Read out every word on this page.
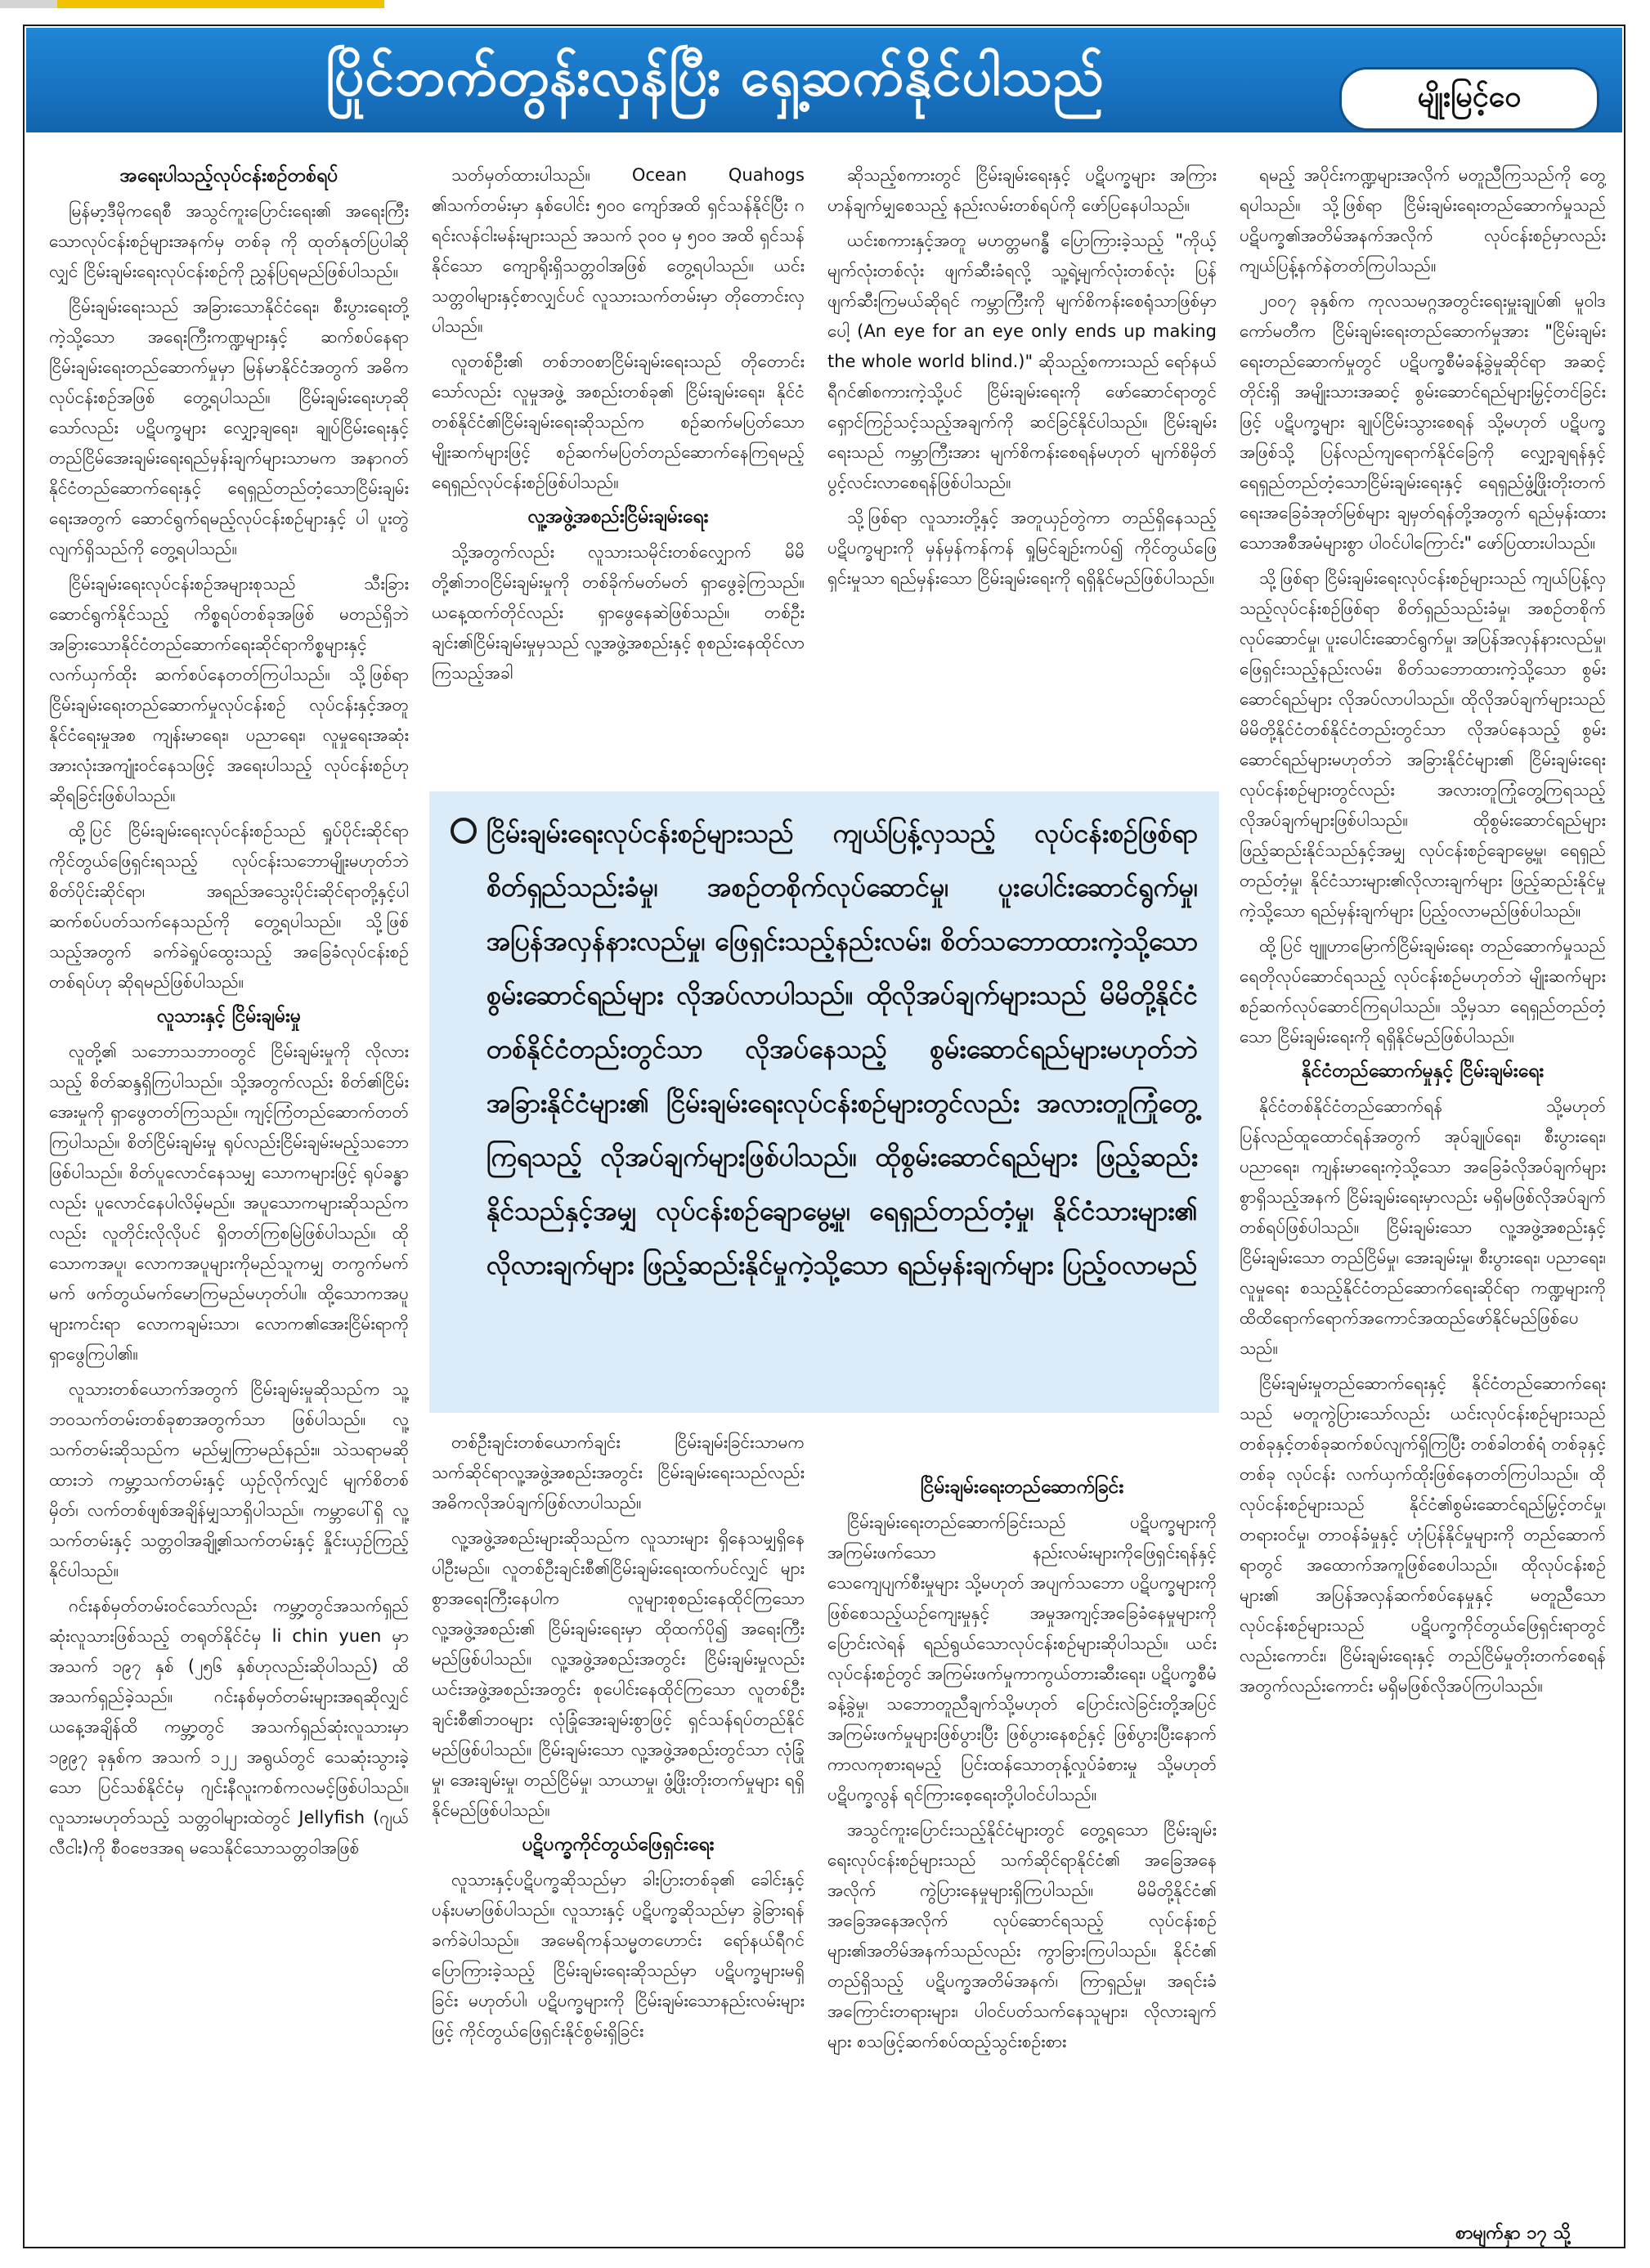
ပြိုင်ဘက်တွန်းလှန်ပြီး ရှေ့ဆက်နိုင်ပါသည်	မျိုးမြင့်ဝေ
အရေးပါသည့်လုပ်ငန်းစဉ်တစ်ရပ်

မြန်မာ့ဒီမိုကရေစီ အသွင်ကူးပြောင်းရေး၏ အရေးကြီးသောလုပ်ငန်းစဉ်များအနက်မှ တစ်ခု ကို ထုတ်နုတ်ပြပါဆိုလျှင် ငြိမ်းချမ်းရေးလုပ်ငန်းစဉ်ကို ညွှန်ပြရမည်ဖြစ်ပါသည်။

ငြိမ်းချမ်းရေးသည် အခြားသောနိုင်ငံရေး၊ စီးပွားရေးတို့ကဲ့သို့သော အရေးကြီးကဏ္ဍများနှင့် ဆက်စပ်နေရာ ငြိမ်းချမ်းရေးတည်ဆောက်မှုမှာ မြန်မာနိုင်ငံအတွက် အဓိကလုပ်ငန်းစဉ်အဖြစ် တွေ့ရပါသည်။ ငြိမ်းချမ်းရေးဟုဆိုသော်လည်း ပဋိပက္ခများ လျှော့ချရေး၊ ချုပ်ငြိမ်းရေးနှင့် တည်ငြိမ်အေးချမ်းရေးရည်မှန်းချက်များသာမက အနာဂတ်နိုင်ငံတည်ဆောက်ရေးနှင့် ရေရှည်တည်တံ့သောငြိမ်းချမ်းရေးအတွက် ဆောင်ရွက်ရမည့်လုပ်ငန်းစဉ်များနှင့် ပါ ပူးတွဲလျက်ရှိသည်ကို တွေ့ရပါသည်။

ငြိမ်းချမ်းရေးလုပ်ငန်းစဉ်အများစုသည် သီးခြားဆောင်ရွက်နိုင်သည့် ကိစ္စရပ်တစ်ခုအဖြစ် မတည်ရှိဘဲ အခြားသောနိုင်ငံတည်ဆောက်ရေးဆိုင်ရာကိစ္စများနှင့် လက်ယှက်ထိုး ဆက်စပ်နေတတ်ကြပါသည်။ သို့ဖြစ်ရာ ငြိမ်းချမ်းရေးတည်ဆောက်မှုလုပ်ငန်းစဉ် လုပ်ငန်းနှင့်အတူ နိုင်ငံရေးမှုအစ ကျန်းမာရေး၊ ပညာရေး၊ လူမှုရေးအဆုံး အားလုံးအကျုံးဝင်နေသဖြင့် အရေးပါသည့် လုပ်ငန်းစဉ်ဟု ဆိုရခြင်းဖြစ်ပါသည်။

ထို့ပြင် ငြိမ်းချမ်းရေးလုပ်ငန်းစဉ်သည် ရှုပ်ပိုင်းဆိုင်ရာကိုင်တွယ်ဖြေရှင်းရသည့် လုပ်ငန်းသဘောမျိုးမဟုတ်ဘဲ စိတ်ပိုင်းဆိုင်ရာ၊ အရည်အသွေးပိုင်းဆိုင်ရာတို့နှင့်ပါ ဆက်စပ်ပတ်သက်နေသည်ကို တွေ့ရပါသည်။ သို့ဖြစ်သည့်အတွက် ခက်ခဲရှုပ်ထွေးသည့် အခြေခံလုပ်ငန်းစဉ်တစ်ရပ်ဟု ဆိုရမည်ဖြစ်ပါသည်။

လူသားနှင့် ငြိမ်းချမ်းမှု

လူတို့၏ သဘောသဘာဝတွင် ငြိမ်းချမ်းမှုကို လိုလားသည့် စိတ်ဆန္ဒရှိကြပါသည်။ သို့အတွက်လည်း စိတ်၏ငြိမ်းအေးမှုကို ရှာဖွေတတ်ကြသည်။ ကျင့်ကြံတည်ဆောက်တတ်ကြပါသည်။ စိတ်ငြိမ်းချမ်းမှု ရုပ်လည်းငြိမ်းချမ်းမည့်သဘော ဖြစ်ပါသည်။ စိတ်ပူလောင်နေသမျှ သောကများဖြင့် ရုပ်ခန္ဓာလည်း ပူလောင်နေပါလိမ့်မည်။ အပူသောကများဆိုသည်ကလည်း လူတိုင်းလိုလိုပင် ရှိတတ်ကြစမြဲဖြစ်ပါသည်။ ထိုသောကအပူ၊ လောကအပူများကိုမည်သူကမျှ တကွက်မက်မက် ဖက်တွယ်မက်မောကြမည်မဟုတ်ပါ။ ထို့သောကအပူများကင်းရာ လောကချမ်းသာ၊ လောက၏အေးငြိမ်းရာကို ရှာဖွေကြပါ၏။

လူသားတစ်ယောက်အတွက် ငြိမ်းချမ်းမှုဆိုသည်က သူ့ဘဝသက်တမ်းတစ်ခုစာအတွက်သာ ဖြစ်ပါသည်။ လူ့သက်တမ်းဆိုသည်က မည်မျှကြာမည်နည်း။ သဲသရာမဆိုထားဘဲ ကမ္ဘာ့သက်တမ်းနှင့် ယှဉ်လိုက်လျှင် မျက်စိတစ်မှိတ်၊ လက်တစ်ဖျစ်အချိန်မျှသာရှိပါသည်။ ကမ္ဘာပေါ်ရှိ လူ့သက်တမ်းနှင့် သတ္တဝါအချို့၏သက်တမ်းနှင့် နှိုင်းယှဉ်ကြည့်နိုင်ပါသည်။

ဂင်းနစ်မှတ်တမ်းဝင်သော်လည်း ကမ္ဘာ့တွင်အသက်ရှည်ဆုံးလူသားဖြစ်သည့် တရုတ်နိုင်ငံမှ li chin yuen မှာ အသက် ၁၉၇ နှစ် (၂၅၆ နှစ်ဟုလည်းဆိုပါသည်) ထိ အသက်ရှည်ခဲ့သည်။ ဂင်းနစ်မှတ်တမ်းများအရဆိုလျှင် ယနေ့အချိန်ထိ ကမ္ဘာ့တွင် အသက်ရှည်ဆုံးလူသားမှာ ၁၉၉၇ ခုနှစ်က အသက် ၁၂၂ အရွယ်တွင် သေဆုံးသွားခဲ့သော ပြင်သစ်နိုင်ငံမှ ဂျင်းနီလူးကစ်ကလမင့်ဖြစ်ပါသည်။ လူသားမဟုတ်သည့် သတ္တဝါများထဲတွင် Jellyfish (ဂျယ်လီငါး)ကို စီဝဗေဒအရ မသေနိုင်သောသတ္တဝါအဖြစ်

သတ်မှတ်ထားပါသည်။ Ocean Quahogs ၏သက်တမ်းမှာ နှစ်ပေါင်း ၅၀၀ ကျော်အထိ ရှင်သန်နိုင်ပြီး ဂရင်းလန်ငါးမန်းများသည် အသက် ၃၀၀ မှ ၅၀၀ အထိ ရှင်သန်နိုင်သော ကျောရိုးရှိသတ္တဝါအဖြစ် တွေ့ရပါသည်။ ယင်းသတ္တဝါများနှင့်စာလျှင်ပင် လူသားသက်တမ်းမှာ တိုတောင်းလှပါသည်။

လူတစ်ဦး၏ တစ်ဘဝစာငြိမ်းချမ်းရေးသည် တိုတောင်းသော်လည်း လူမှုအဖွဲ့ အစည်းတစ်ခု၏ ငြိမ်းချမ်းရေး၊ နိုင်ငံတစ်နိုင်ငံ၏ငြိမ်းချမ်းရေးဆိုသည်က စဉ်ဆက်မပြတ်သောမျိုးဆက်များဖြင့် စဉ်ဆက်မပြတ်တည်ဆောက်နေကြရမည့် ရေရှည်လုပ်ငန်းစဉ်ဖြစ်ပါသည်။

လူ့အဖွဲ့အစည်းငြိမ်းချမ်းရေး

သို့အတွက်လည်း လူသားသမိုင်းတစ်လျှောက် မိမိတို့၏ဘဝငြိမ်းချမ်းမှုကို တစ်ခိုက်မတ်မတ် ရှာဖွေခဲ့ကြသည်။ ယနေ့ထက်တိုင်လည်း ရှာဖွေနေဆဲဖြစ်သည်။ တစ်ဦးချင်း၏ငြိမ်းချမ်းမှုမှသည် လူ့အဖွဲ့အစည်းနှင့် စုစည်းနေထိုင်လာကြသည့်အခါ

ဆိုသည့်စကားတွင် ငြိမ်းချမ်းရေးနှင့် ပဋိပက္ခများ အကြား ဟန်ချက်မျှစေသည့် နည်းလမ်းတစ်ရပ်ကို ဖော်ပြနေပါသည်။

ယင်းစကားနှင့်အတူ မဟတ္တမဂန္ဓီ ပြောကြားခဲ့သည့် "ကိုယ့်မျက်လုံးတစ်လုံး ဖျက်ဆီးခံရလို့ သူ့ရဲ့မျက်လုံးတစ်လုံး ပြန်ဖျက်ဆီးကြမယ်ဆိုရင် ကမ္ဘာကြီးကို မျက်စိကန်းစေရုံသာဖြစ်မှာပေါ့ (An eye for an eye only ends up making the whole world blind.)" ဆိုသည့်စကားသည် ရော်နယ်ရီဂင်၏စကားကဲ့သို့ပင် ငြိမ်းချမ်းရေးကို ဖော်ဆောင်ရာတွင် ရှောင်ကြဉ်သင့်သည့်အချက်ကို ဆင်ခြင်နိုင်ပါသည်။ ငြိမ်းချမ်းရေးသည် ကမ္ဘာကြီးအား မျက်စိကန်းစေရန်မဟုတ် မျက်စိမှိတ်ပွင့်လင်းလာစေရန်ဖြစ်ပါသည်။

သို့ဖြစ်ရာ လူသားတို့နှင့် အတူယှဉ်တွဲကာ တည်ရှိနေသည့် ပဋိပက္ခများကို မှန်မှန်ကန်ကန် ရှုမြင်ချဉ်းကပ်၍ ကိုင်တွယ်ဖြေရှင်းမှုသာ ရည်မှန်းသော ငြိမ်းချမ်းရေးကို ရရှိနိုင်မည်ဖြစ်ပါသည်။

ငြိမ်းချမ်းရေးလုပ်ငန်းစဉ်များသည် ကျယ်ပြန့်လှသည့် လုပ်ငန်းစဉ်ဖြစ်ရာ စိတ်ရှည်သည်းခံမှု၊ အစဉ်တစိုက်လုပ်ဆောင်မှု၊ ပူးပေါင်းဆောင်ရွက်မှု၊ အပြန်အလှန်နားလည်မှု၊ ဖြေရှင်းသည့်နည်းလမ်း၊ စိတ်သဘောထားကဲ့သို့သော စွမ်းဆောင်ရည်များ လိုအပ်လာပါသည်။ ထိုလိုအပ်ချက်များသည် မိမိတို့နိုင်ငံတစ်နိုင်ငံတည်းတွင်သာ လိုအပ်နေသည့် စွမ်းဆောင်ရည်များမဟုတ်ဘဲ အခြားနိုင်ငံများ၏ ငြိမ်းချမ်းရေးလုပ်ငန်းစဉ်များတွင်လည်း အလားတူကြုံတွေ့ကြရသည့် လိုအပ်ချက်များဖြစ်ပါသည်။ ထိုစွမ်းဆောင်ရည်များ ဖြည့်ဆည်းနိုင်သည်နှင့်အမျှ လုပ်ငန်းစဉ်ချောမွေ့မှု၊ ရေရှည်တည်တံ့မှု၊ နိုင်ငံသားများ၏ လိုလားချက်များ ဖြည့်ဆည်းနိုင်မှုကဲ့သို့သော ရည်မှန်းချက်များ ပြည့်ဝလာမည်

တစ်ဦးချင်းတစ်ယောက်ချင်း ငြိမ်းချမ်းခြင်းသာမက သက်ဆိုင်ရာလူ့အဖွဲ့အစည်းအတွင်း ငြိမ်းချမ်းရေးသည်လည်း အဓိကလိုအပ်ချက်ဖြစ်လာပါသည်။

လူ့အဖွဲ့အစည်းများဆိုသည်က လူသားများ ရှိနေသမျှရှိနေပါဦးမည်။ လူတစ်ဦးချင်းစီ၏ငြိမ်းချမ်းရေးထက်ပင်လျှင် များစွာအရေးကြီးနေပါက လူများစုစည်းနေထိုင်ကြသော လူ့အဖွဲ့အစည်း၏ ငြိမ်းချမ်းရေးမှာ ထိုထက်ပို၍ အရေးကြီးမည်ဖြစ်ပါသည်။ လူ့အဖွဲ့အစည်းအတွင်း ငြိမ်းချမ်းမှုလည်း ယင်းအဖွဲ့အစည်းအတွင်း စုပေါင်းနေထိုင်ကြသော လူတစ်ဦးချင်းစီ၏ဘဝများ လုံခြုံအေးချမ်းစွာဖြင့် ရှင်သန်ရပ်တည်နိုင်မည်ဖြစ်ပါသည်။ ငြိမ်းချမ်းသော လူ့အဖွဲ့အစည်းတွင်သာ လုံခြုံမှု၊ အေးချမ်းမှု၊ တည်ငြိမ်မှု၊ သာယာမှု၊ ဖွံ့ဖြိုးတိုးတက်မှုများ ရရှိနိုင်မည်ဖြစ်ပါသည်။

ပဋိပက္ခကိုင်တွယ်ဖြေရှင်းရေး

လူသားနှင့်ပဋိပက္ခဆိုသည်မှာ ခါးပြားတစ်ခု၏ ခေါင်းနှင့်ပန်းပမာဖြစ်ပါသည်။ လူသားနှင့် ပဋိပက္ခဆိုသည်မှာ ခွဲခြားရန်ခက်ခဲပါသည်။ အမေရိကန်သမ္မတဟောင်း ရော်နယ်ရီဂင် ပြောကြားခဲ့သည့် ငြိမ်းချမ်းရေးဆိုသည်မှာ ပဋိပက္ခများမရှိခြင်း မဟုတ်ပါ၊ ပဋိပက္ခများကို ငြိမ်းချမ်းသောနည်းလမ်းများဖြင့် ကိုင်တွယ်ဖြေရှင်းနိုင်စွမ်းရှိခြင်း

ငြိမ်းချမ်းရေးတည်ဆောက်ခြင်း

ငြိမ်းချမ်းရေးတည်ဆောက်ခြင်းသည် ပဋိပက္ခများကို အကြမ်းဖက်သော နည်းလမ်းများကိုဖြေရှင်းရန်နှင့် သေကျေပျက်စီးမှုများ သို့မဟုတ် အပျက်သဘော ပဋိပက္ခများကိုဖြစ်စေသည့်ယဉ်ကျေးမှုနှင့် အမှုအကျင့်အခြေခံနေမှုများကိုပြောင်းလဲရန် ရည်ရွယ်သောလုပ်ငန်းစဉ်များဆိုပါသည်။ ယင်းလုပ်ငန်းစဉ်တွင် အကြမ်းဖက်မှုကာကွယ်တားဆီးရေး၊ ပဋိပက္ခစီမံခန့်ခွဲမှု၊ သဘောတူညီချက်သို့မဟုတ် ပြောင်းလဲခြင်းတို့အပြင် အကြမ်းဖက်မှုများဖြစ်ပွားပြီး ဖြစ်ပွားနေစဉ်နှင့် ဖြစ်ပွားပြီးနောက်ကာလကုစားရမည့် ပြင်းထန်သောတုန့်လှုပ်ခံစားမှု သို့မဟုတ် ပဋိပက္ခလွန် ရင်ကြားစေ့ရေးတို့ပါဝင်ပါသည်။

အသွင်ကူးပြောင်းသည့်နိုင်ငံများတွင် တွေ့ရသော ငြိမ်းချမ်းရေးလုပ်ငန်းစဉ်များသည် သက်ဆိုင်ရာနိုင်ငံ၏ အခြေအနေအလိုက် ကွဲပြားနေမှုများရှိကြပါသည်။ မိမိတို့နိုင်ငံ၏ အခြေအနေအလိုက် လုပ်ဆောင်ရသည့် လုပ်ငန်းစဉ်များ၏အတိမ်အနက်သည်လည်း ကွာခြားကြပါသည်။ နိုင်ငံ၏ တည်ရှိသည့် ပဋိပက္ခအတိမ်အနက်၊ ကြာရှည်မှု၊ အရင်းခံအကြောင်းတရားများ၊ ပါဝင်ပတ်သက်နေသူများ၊ လိုလားချက်များ စသဖြင့်ဆက်စပ်ထည့်သွင်းစဉ်းစား

ရမည့် အပိုင်းကဏ္ဍများအလိုက် မတူညီကြသည်ကို တွေ့ရပါသည်။ သို့ဖြစ်ရာ ငြိမ်းချမ်းရေးတည်ဆောက်မှုသည် ပဋိပက္ခ၏အတိမ်အနက်အလိုက် လုပ်ငန်းစဉ်မှာလည်း ကျယ်ပြန့်နက်နဲတတ်ကြပါသည်။

၂၀၀၇ ခုနှစ်က ကုလသမဂ္ဂအတွင်းရေးမှူးချုပ်၏ မူဝါဒကော်မတီက ငြိမ်းချမ်းရေးတည်ဆောက်မှုအား "ငြိမ်းချမ်းရေးတည်ဆောက်မှုတွင် ပဋိပက္ခစီမံခန့်ခွဲမှုဆိုင်ရာ အဆင့်တိုင်းရှိ အမျိုးသားအဆင့် စွမ်းဆောင်ရည်များမြှင့်တင်ခြင်းဖြင့် ပဋိပက္ခများ ချုပ်ငြိမ်းသွားစေရန် သို့မဟုတ် ပဋိပက္ခအဖြစ်သို့ ပြန်လည်ကျရောက်နိုင်ခြေကို လျှော့ချရန်နှင့် ရေရှည်တည်တံ့သောငြိမ်းချမ်းရေးနှင့် ရေရှည်ဖွံ့ဖြိုးတိုးတက်ရေးအခြေခံအုတ်မြစ်များ ချမှတ်ရန်တို့အတွက် ရည်မှန်းထားသောအစီအမံများစွာ ပါဝင်ပါကြောင်း" ဖော်ပြထားပါသည်။

သို့ဖြစ်ရာ ငြိမ်းချမ်းရေးလုပ်ငန်းစဉ်များသည် ကျယ်ပြန့်လှသည့်လုပ်ငန်းစဉ်ဖြစ်ရာ စိတ်ရှည်သည်းခံမှု၊ အစဉ်တစိုက်လုပ်ဆောင်မှု၊ ပူးပေါင်းဆောင်ရွက်မှု၊ အပြန်အလှန်နားလည်မှု၊ ဖြေရှင်းသည့်နည်းလမ်း၊ စိတ်သဘောထားကဲ့သို့သော စွမ်းဆောင်ရည်များ လိုအပ်လာပါသည်။ ထိုလိုအပ်ချက်များသည် မိမိတို့နိုင်ငံတစ်နိုင်ငံတည်းတွင်သာ လိုအပ်နေသည့် စွမ်းဆောင်ရည်များမဟုတ်ဘဲ အခြားနိုင်ငံများ၏ ငြိမ်းချမ်းရေးလုပ်ငန်းစဉ်များတွင်လည်း အလားတူကြုံတွေ့ကြရသည့် လိုအပ်ချက်များဖြစ်ပါသည်။ ထိုစွမ်းဆောင်ရည်များ ဖြည့်ဆည်းနိုင်သည်နှင့်အမျှ လုပ်ငန်းစဉ်ချောမွေ့မှု၊ ရေရှည်တည်တံ့မှု၊ နိုင်ငံသားများ၏လိုလားချက်များ ဖြည့်ဆည်းနိုင်မှုကဲ့သို့သော ရည်မှန်းချက်များ ပြည့်ဝလာမည်ဖြစ်ပါသည်။

ထို့ပြင် ဗျူဟာမြောက်ငြိမ်းချမ်းရေး တည်ဆောက်မှုသည် ရေတိုလုပ်ဆောင်ရသည့် လုပ်ငန်းစဉ်မဟုတ်ဘဲ မျိုးဆက်များ စဉ်ဆက်လုပ်ဆောင်ကြရပါသည်။ သို့မှသာ ရေရှည်တည်တံ့သော ငြိမ်းချမ်းရေးကို ရရှိနိုင်မည်ဖြစ်ပါသည်။

နိုင်ငံတည်ဆောက်မှုနှင့် ငြိမ်းချမ်းရေး

နိုင်ငံတစ်နိုင်ငံတည်ဆောက်ရန် သို့မဟုတ် ပြန်လည်ထူထောင်ရန်အတွက် အုပ်ချုပ်ရေး၊ စီးပွားရေး၊ ပညာရေး၊ ကျန်းမာရေးကဲ့သို့သော အခြေခံလိုအပ်ချက်များစွာရှိသည့်အနက် ငြိမ်းချမ်းရေးမှာလည်း မရှိမဖြစ်လိုအပ်ချက်တစ်ရပ်ဖြစ်ပါသည်။ ငြိမ်းချမ်းသော လူ့အဖွဲ့အစည်းနှင့် ငြိမ်းချမ်းသော တည်ငြိမ်မှု၊ အေးချမ်းမှု၊ စီးပွားရေး၊ ပညာရေး၊ လူမှုရေး စသည့်နိုင်ငံတည်ဆောက်ရေးဆိုင်ရာ ကဏ္ဍများကို ထိထိရောက်ရောက်အကောင်အထည်ဖော်နိုင်မည်ဖြစ်ပေသည်။

ငြိမ်းချမ်းမှုတည်ဆောက်ရေးနှင့် နိုင်ငံတည်ဆောက်ရေးသည် မတူကွဲပြားသော်လည်း ယင်းလုပ်ငန်းစဉ်များသည် တစ်ခုနှင့်တစ်ခုဆက်စပ်လျက်ရှိကြပြီး တစ်ခါတစ်ရံ တစ်ခုနှင့်တစ်ခု လုပ်ငန်း လက်ယှက်ထိုးဖြစ်နေတတ်ကြပါသည်။ ထိုလုပ်ငန်းစဉ်များသည် နိုင်ငံ၏စွမ်းဆောင်ရည်မြှင့်တင်မှု၊ တရားဝင်မှု၊ တာဝန်ခံမှုနှင့် ဟုံပြန်နိုင်မှုများကို တည်ဆောက်ရာတွင် အထောက်အကူဖြစ်စေပါသည်။ ထိုလုပ်ငန်းစဉ်များ၏ အပြန်အလှန်ဆက်စပ်နေမှုနှင့် မတူညီသောလုပ်ငန်းစဉ်များသည် ပဋိပက္ခကိုင်တွယ်ဖြေရှင်းရာတွင်လည်းကောင်း၊ ငြိမ်းချမ်းရေးနှင့် တည်ငြိမ်မှုတိုးတက်စေရန်အတွက်လည်းကောင်း မရှိမဖြစ်လိုအပ်ကြပါသည်။

စာမျက်နှာ ၁၇ သို့
